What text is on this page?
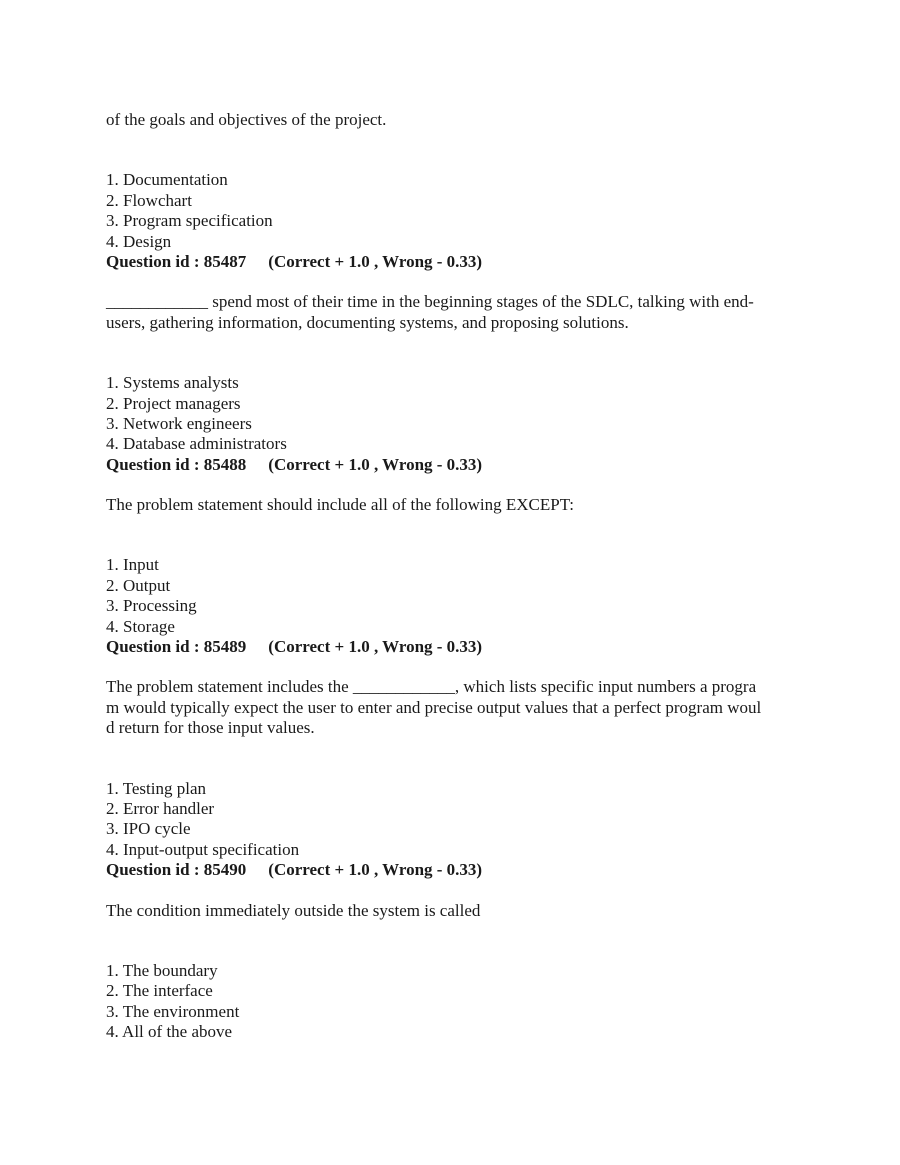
of the goals and objectives of the project.
1. Documentation
2. Flowchart
3. Program specification
4. Design
Question id : 85487 (Correct + 1.0 , Wrong - 0.33)
____________ spend most of their time in the beginning stages of the SDLC, talking with end-
users, gathering information, documenting systems, and proposing solutions.
1. Systems analysts
2. Project managers
3. Network engineers
4. Database administrators
Question id : 85488 (Correct + 1.0 , Wrong - 0.33)
The problem statement should include all of the following EXCEPT:
1. Input
2. Output
3. Processing
4. Storage
Question id : 85489 (Correct + 1.0 , Wrong - 0.33)
The problem statement includes the ____________, which lists specific input numbers a progra
m would typically expect the user to enter and precise output values that a perfect program woul
d return for those input values.
1. Testing plan
2. Error handler
3. IPO cycle
4. Input-output specification
Question id : 85490 (Correct + 1.0 , Wrong - 0.33)
The condition immediately outside the system is called
1. The boundary
2. The interface
3. The environment
4. All of the above
